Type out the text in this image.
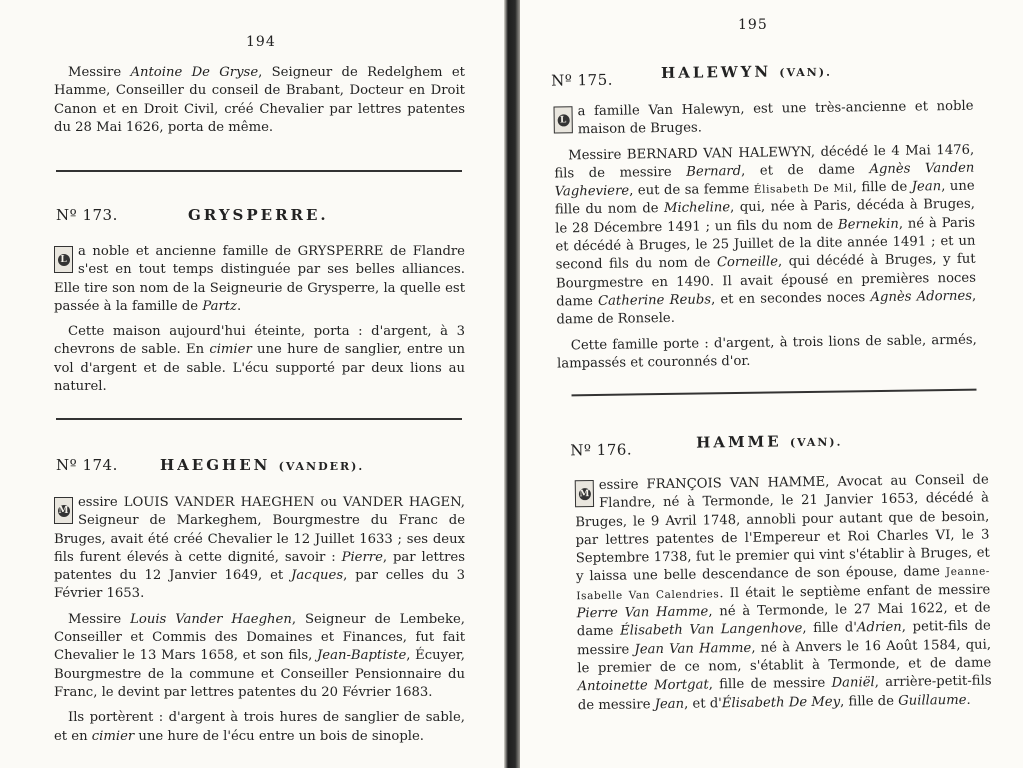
194

Messire Antoine De Gryse, Seigneur de Redelghem et Hamme, Conseiller du conseil de Brabant, Docteur en Droit Canon et en Droit Civil, créé Chevalier par lettres patentes du 28 Mai 1626, porta de même.

Nº 173.	GRYSPERRE.

L
a noble et ancienne famille de GRYSPERRE de Flandre s'est en tout temps distinguée par ses belles alliances. Elle tire son nom de la Seigneurie de Grysperre, la quelle est passée à la famille de Partz.

Cette maison aujourd'hui éteinte, porta : d'argent, à 3 chevrons de sable. En cimier une hure de sanglier, entre un vol d'argent et de sable. L'écu supporté par deux lions au naturel.

Nº 174.	HAEGHEN (VANDER).

M
essire LOUIS VANDER HAEGHEN ou VANDER HAGEN, Seigneur de Markeghem, Bourgmestre du Franc de Bruges, avait été créé Chevalier le 12 Juillet 1633 ; ses deux fils furent élevés à cette dignité, savoir : Pierre, par lettres patentes du 12 Janvier 1649, et Jacques, par celles du 3 Février 1653.

Messire Louis Vander Haeghen, Seigneur de Lembeke, Conseiller et Commis des Domaines et Finances, fut fait Chevalier le 13 Mars 1658, et son fils, Jean-Baptiste, Écuyer, Bourgmestre de la commune et Conseiller Pensionnaire du Franc, le devint par lettres patentes du 20 Février 1683.

Ils portèrent : d'argent à trois hures de sanglier de sable, et en cimier une hure de l'écu entre un bois de sinople.

195
Nº 175.	HALEWYN (VAN).

L
a famille Van Halewyn, est une très-ancienne et noble maison de Bruges.

Messire BERNARD VAN HALEWYN, décédé le 4 Mai 1476, fils de messire Bernard, et de dame Agnès Vanden Vagheviere, eut de sa femme Élisabeth De Mil, fille de Jean, une fille du nom de Micheline, qui, née à Paris, décéda à Bruges, le 28 Décembre 1491 ; un fils du nom de Bernekin, né à Paris et décédé à Bruges, le 25 Juillet de la dite année 1491 ; et un second fils du nom de Corneille, qui décédé à Bruges, y fut Bourgmestre en 1490. Il avait épousé en premières noces dame Catherine Reubs, et en secondes noces Agnès Adornes, dame de Ronsele.

Cette famille porte : d'argent, à trois lions de sable, armés, lampassés et couronnés d'or.

Nº 176.	HAMME (VAN).

M
essire FRANÇOIS VAN HAMME, Avocat au Conseil de Flandre, né à Termonde, le 21 Janvier 1653, décédé à Bruges, le 9 Avril 1748, annobli pour autant que de besoin, par lettres patentes de l'Empereur et Roi Charles VI, le 3 Septembre 1738, fut le premier qui vint s'établir à Bruges, et y laissa une belle descendance de son épouse, dame Jeanne-Isabelle Van Calendries. Il était le septième enfant de messire Pierre Van Hamme, né à Termonde, le 27 Mai 1622, et de dame Élisabeth Van Langenhove, fille d'Adrien, petit-fils de messire Jean Van Hamme, né à Anvers le 16 Août 1584, qui, le premier de ce nom, s'établit à Termonde, et de dame Antoinette Mortgat, fille de messire Daniël, arrière-petit-fils de messire Jean, et d'Élisabeth De Mey, fille de Guillaume.
